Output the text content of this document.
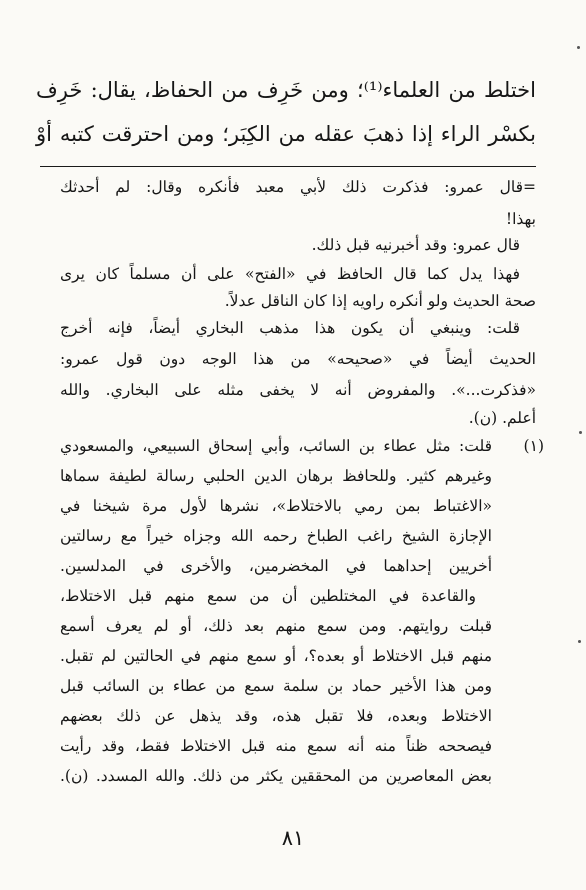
اختلط من العلماء⁽¹⁾؛ ومن خَرِف من الحفاظ، يقال: خَرِف
بكسْر الراء إذا ذهبَ عقله من الكِبَر؛ ومن احترقت كتبه أوْ
=قال عمرو: فذكرت ذلك لأبي معبد فأنكره وقال: لم أحدثك
بهذا!
قال عمرو: وقد أخبرنيه قبل ذلك.
فهذا يدل كما قال الحافظ في «الفتح» على أن مسلماً كان يرى
صحة الحديث ولو أنكره راويه إذا كان الناقل عدلاً.
قلت: وينبغي أن يكون هذا مذهب البخاري أيضاً، فإنه أخرج
الحديث أيضاً في «صحيحه» من هذا الوجه دون قول عمرو:
«فذكرت...». والمفروض أنه لا يخفى مثله على البخاري. والله
أعلم. (ن).
(١)
قلت: مثل عطاء بن السائب، وأبي إسحاق السبيعي، والمسعودي
وغيرهم كثير. وللحافظ برهان الدين الحلبي رسالة لطيفة سماها
«الاغتباط بمن رمي بالاختلاط»، نشرها لأول مرة شيخنا في
الإجازة الشيخ راغب الطباخ رحمه الله وجزاه خيراً مع رسالتين
أخريين إحداهما في المخضرمين، والأخرى في المدلسين.
والقاعدة في المختلطين أن من سمع منهم قبل الاختلاط،
قبلت روايتهم. ومن سمع منهم بعد ذلك، أو لم يعرف أسمع
منهم قبل الاختلاط أو بعده؟، أو سمع منهم في الحالتين لم تقبل.
ومن هذا الأخير حماد بن سلمة سمع من عطاء بن السائب قبل
الاختلاط وبعده، فلا تقبل هذه، وقد يذهل عن ذلك بعضهم
فيصححه ظناً منه أنه سمع منه قبل الاختلاط فقط، وقد رأيت
بعض المعاصرين من المحققين يكثر من ذلك. والله المسدد. (ن).
٨١
